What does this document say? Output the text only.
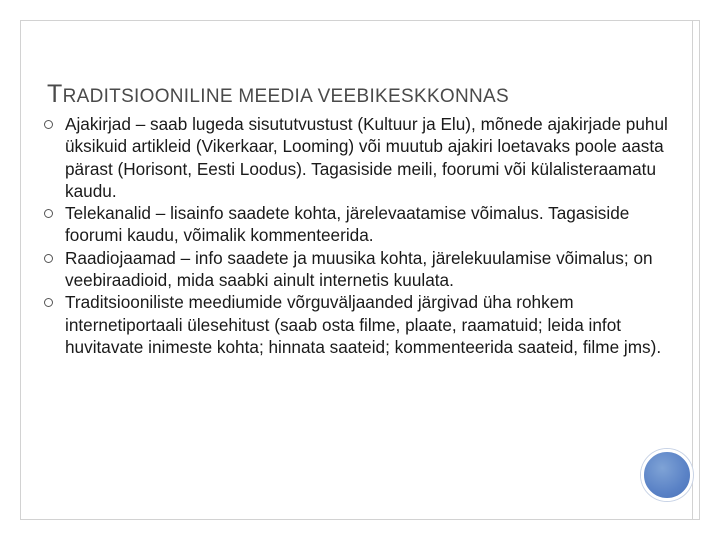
TRADITSIOONILINE MEEDIA VEEBIKESKKONNAS
Ajakirjad – saab lugeda sisututvustust (Kultuur ja Elu), mõnede ajakirjade puhul üksikuid artikleid (Vikerkaar, Looming) või muutub ajakiri loetavaks poole aasta pärast (Horisont, Eesti Loodus). Tagasiside meili, foorumi või külalisteraamatu kaudu.
Telekanalid – lisainfo saadete kohta, järelevaatamise võimalus. Tagasiside foorumi kaudu, võimalik kommenteerida.
Raadiojaamad – info saadete ja muusika kohta, järelekuulamise võimalus; on veebiraadioid, mida saabki ainult internetis kuulata.
Traditsiooniliste meediumide võrguväljaanded järgivad üha rohkem internetiportaali ülesehitust (saab osta filme, plaate, raamatuid; leida infot huvitavate inimeste kohta; hinnata saateid; kommenteerida saateid, filme jms).
